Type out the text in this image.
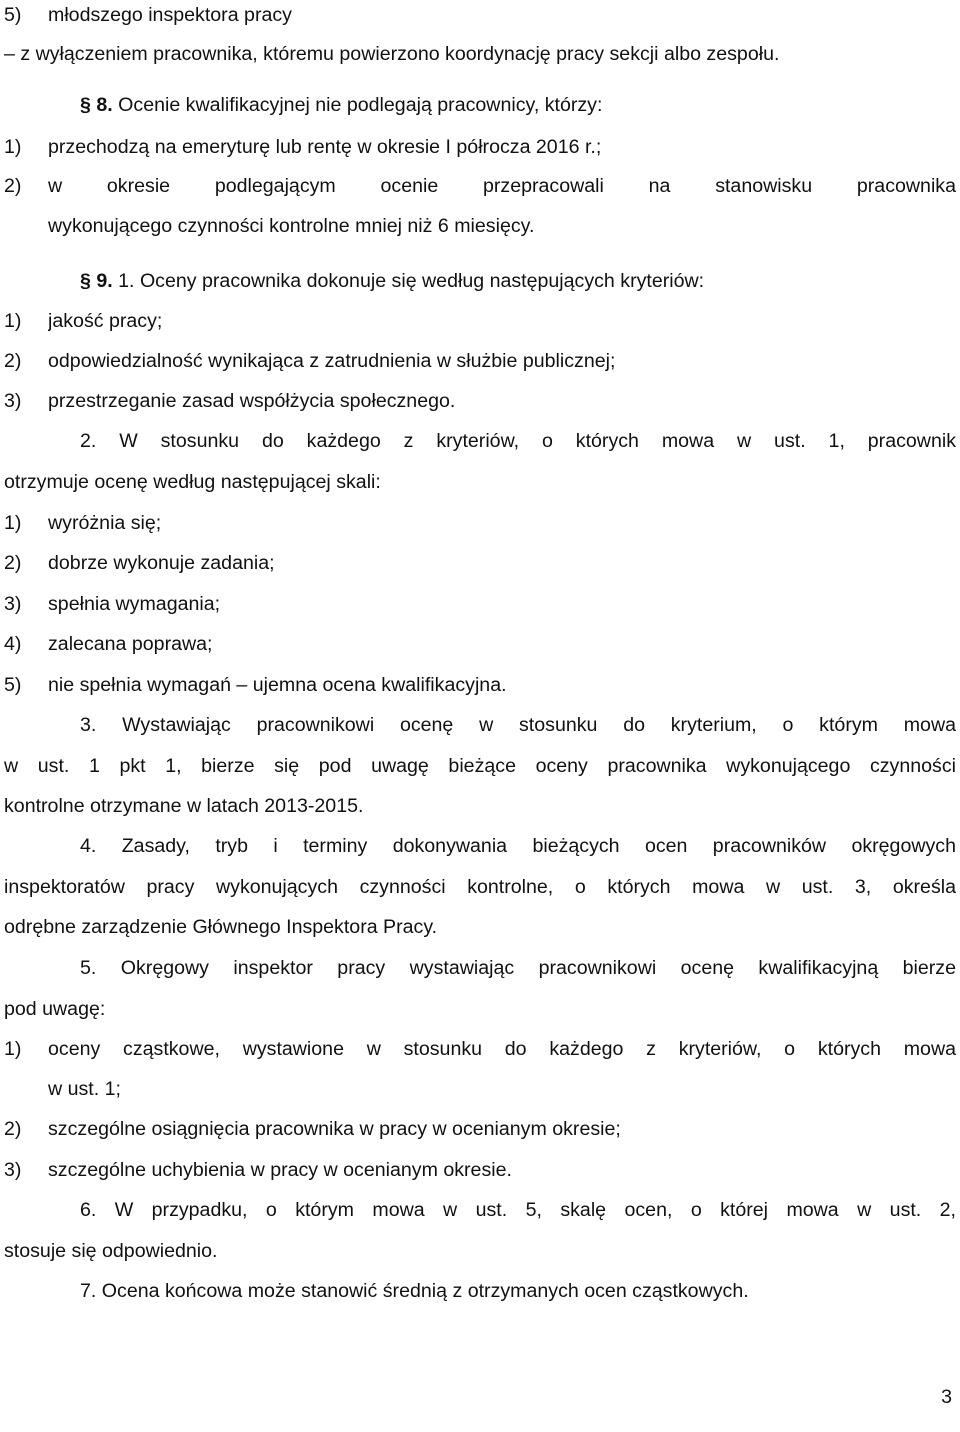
5)	młodszego inspektora pracy
– z wyłączeniem pracownika, któremu powierzono koordynację pracy sekcji albo zespołu.
§ 8. Ocenie kwalifikacyjnej nie podlegają pracownicy, którzy:
1)	przechodzą na emeryturę lub rentę w okresie I półrocza 2016 r.;
2)	w okresie podlegającym ocenie przepracowali na stanowisku pracownika
wykonującego czynności kontrolne mniej niż 6 miesięcy.
§ 9. 1. Oceny pracownika dokonuje się według następujących kryteriów:
1)	jakość pracy;
2)	odpowiedzialność wynikająca z zatrudnienia w służbie publicznej;
3)	przestrzeganie zasad współżycia społecznego.
2. W stosunku do każdego z kryteriów, o których mowa w ust. 1, pracownik
otrzymuje ocenę według następującej skali:
1)	wyróżnia się;
2)	dobrze wykonuje zadania;
3)	spełnia wymagania;
4)	zalecana poprawa;
5)	nie spełnia wymagań – ujemna ocena kwalifikacyjna.
3. Wystawiając pracownikowi ocenę w stosunku do kryterium, o którym mowa
w ust. 1 pkt 1, bierze się pod uwagę bieżące oceny pracownika wykonującego czynności
kontrolne otrzymane w latach 2013-2015.
4. Zasady, tryb i terminy dokonywania bieżących ocen pracowników okręgowych
inspektoratów pracy wykonujących czynności kontrolne, o których mowa w ust. 3, określa
odrębne zarządzenie Głównego Inspektora Pracy.
5. Okręgowy inspektor pracy wystawiając pracownikowi ocenę kwalifikacyjną bierze
pod uwagę:
1)	oceny cząstkowe, wystawione w stosunku do każdego z kryteriów, o których mowa
w ust. 1;
2)	szczególne osiągnięcia pracownika w pracy w ocenianym okresie;
3)	szczególne uchybienia w pracy w ocenianym okresie.
6. W przypadku, o którym mowa w ust. 5, skalę ocen, o której mowa w ust. 2,
stosuje się odpowiednio.
7. Ocena końcowa może stanowić średnią z otrzymanych ocen cząstkowych.
3
